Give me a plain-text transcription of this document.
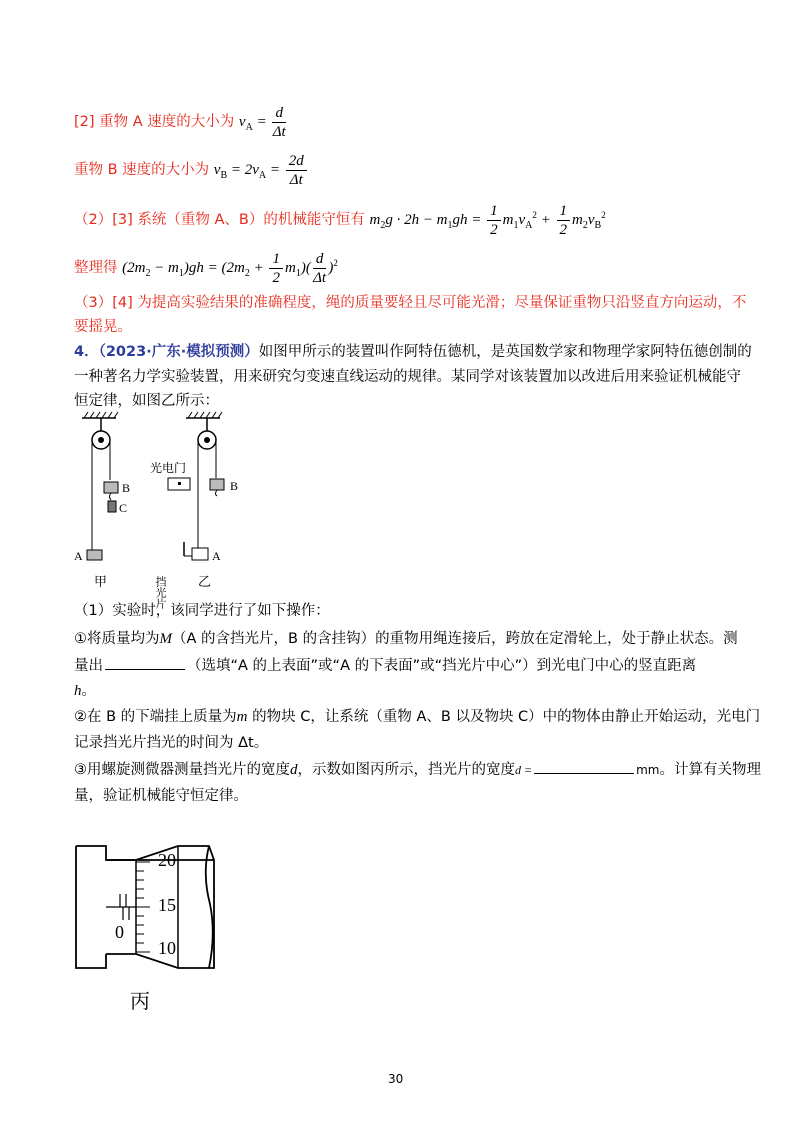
[2] 重物 A 速度的大小为 $v_A = \frac{d}{\Delta t}$
重物 B 速度的大小为 $v_B = 2v_A = \frac{2d}{\Delta t}$
（2）[3] 系统（重物 A、B）的机械能守恒有 $m_2g \cdot 2h - m_1gh = \frac{1}{2} m_1v_A^2 + \frac{1}{2} m_2v_B^2$
整理得 $(2m_2 - m_1)gh = (2m_2 + \frac{1}{2} m_1)( \frac{d}{\Delta t} )^2$
（3）[4] 为提高实验结果的准确程度，绳的质量要轻且尽可能光滑；尽量保证重物只沿竖直方向运动，不
要摇晃。
4．（2023·广东·模拟预测）如图甲所示的装置叫作阿特伍德机，是英国数学家和物理学家阿特伍德创制的
一种著名力学实验装置，用来研究匀变速直线运动的规律。某同学对该装置加以改进后用来验证机械能守
恒定律，如图乙所示：
A
B
C
甲
光电门
B
A
挡光片 乙
（1）实验时，该同学进行了如下操作：
①将质量均为M（A 的含挡光片，B 的含挂钩）的重物用绳连接后，跨放在定滑轮上，处于静止状态。测
量出	（选填“A 的上表面”或“A 的下表面”或“挡光片中心”）到光电门中心的竖直距离
h。
②在 B 的下端挂上质量为m 的物块 C，让系统（重物 A、B 以及物块 C）中的物体由静止开始运动，光电门
记录挡光片挡光的时间为 Δt。
③用螺旋测微器测量挡光片的宽度d，示数如图丙所示，挡光片的宽度d =	mm。计算有关物理
量，验证机械能守恒定律。
20
15
10
0
丙
30
